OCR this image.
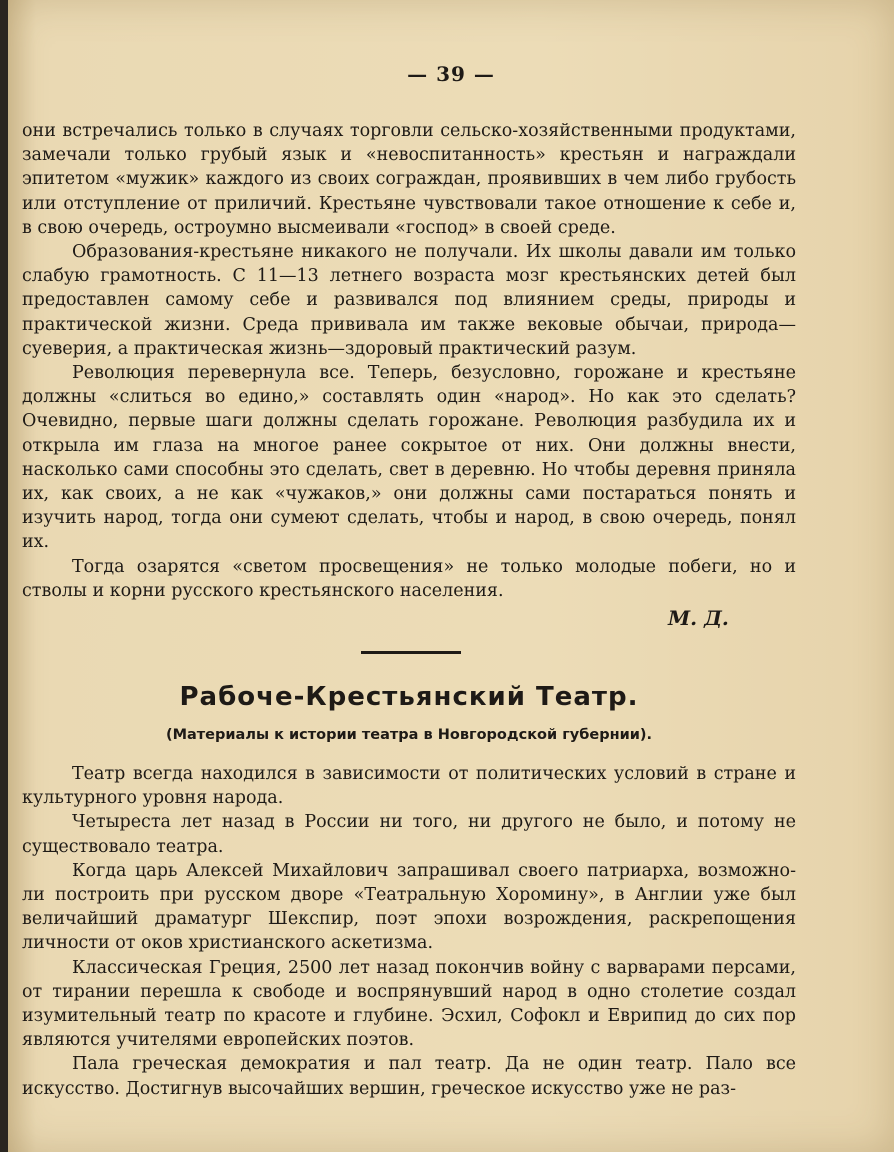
— 39 —

они встречались только в случаях торговли сельско-хозяйственными продуктами, замечали только грубый язык и «невоспитанность» крестьян и награждали эпитетом «мужик» каждого из своих сограждан, проявивших в чем либо грубость или отступление от приличий. Крестьяне чувствовали такое отношение к себе и, в свою очередь, остроумно высмеивали «господ» в своей среде.

Образования-крестьяне никакого не получали. Их школы давали им только слабую грамотность. С 11—13 летнего возраста мозг крестьянских детей был предоставлен самому себе и развивался под влиянием среды, природы и практической жизни. Среда прививала им также вековые обычаи, природа—суеверия, а практическая жизнь—здоровый практический разум.

Революция перевернула все. Теперь, безусловно, горожане и крестьяне должны «слиться во едино,» составлять один «народ». Но как это сделать? Очевидно, первые шаги должны сделать горожане. Революция разбудила их и открыла им глаза на многое ранее сокрытое от них. Они должны внести, насколько сами способны это сделать, свет в деревню. Но чтобы деревня приняла их, как своих, а не как «чужаков,» они должны сами постараться понять и изучить народ, тогда они сумеют сделать, чтобы и народ, в свою очередь, понял их.

Тогда озарятся «светом просвещения» не только молодые побеги, но и стволы и корни русского крестьянского населения.

М. Д.
Рабоче-Крестьянский Театр.
(Материалы к истории театра в Новгородской губернии).

Театр всегда находился в зависимости от политических условий в стране и культурного уровня народа.

Четыреста лет назад в России ни того, ни другого не было, и потому не существовало театра.

Когда царь Алексей Михайлович запрашивал своего патриарха, возможно-ли построить при русском дворе «Театральную Хоромину», в Англии уже был величайший драматург Шекспир, поэт эпохи возрождения, раскрепощения личности от оков христианского аскетизма.

Классическая Греция, 2500 лет назад покончив войну с варварами персами, от тирании перешла к свободе и воспрянувший народ в одно столетие создал изумительный театр по красоте и глубине. Эсхил, Софокл и Еврипид до сих пор являются учителями европейских поэтов.

Пала греческая демократия и пал театр. Да не один театр. Пало все искусство. Достигнув высочайших вершин, греческое искусство уже не раз-
